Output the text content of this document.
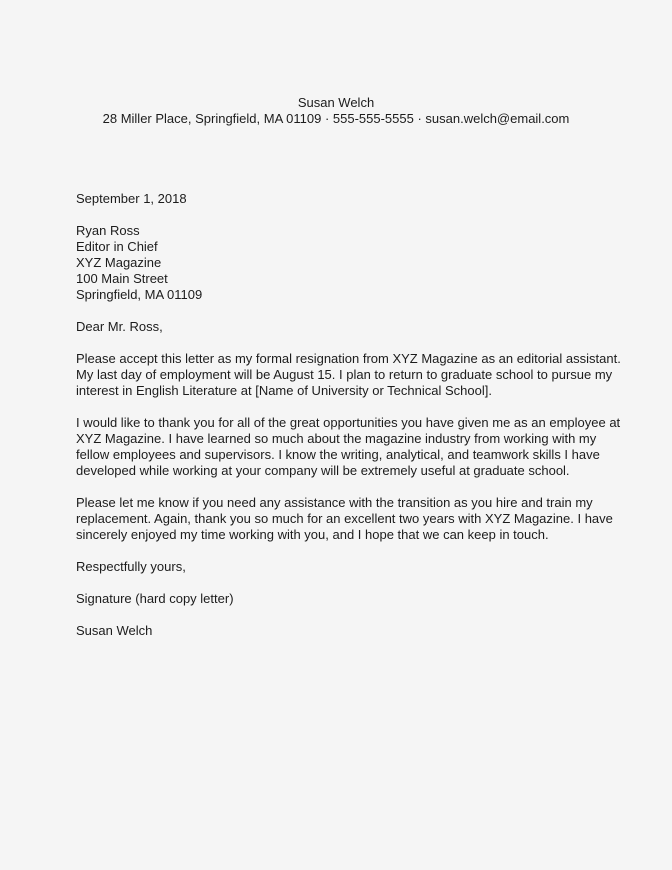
Susan Welch
28 Miller Place, Springfield, MA 01109 · 555-555-5555 · susan.welch@email.com
September 1, 2018
Ryan Ross
Editor in Chief
XYZ Magazine
100 Main Street
Springfield, MA 01109
Dear Mr. Ross,
Please accept this letter as my formal resignation from XYZ Magazine as an editorial assistant.
My last day of employment will be August 15. I plan to return to graduate school to pursue my
interest in English Literature at [Name of University or Technical School].
I would like to thank you for all of the great opportunities you have given me as an employee at
XYZ Magazine. I have learned so much about the magazine industry from working with my
fellow employees and supervisors. I know the writing, analytical, and teamwork skills I have
developed while working at your company will be extremely useful at graduate school.
Please let me know if you need any assistance with the transition as you hire and train my
replacement. Again, thank you so much for an excellent two years with XYZ Magazine. I have
sincerely enjoyed my time working with you, and I hope that we can keep in touch.
Respectfully yours,
Signature (hard copy letter)
Susan Welch
